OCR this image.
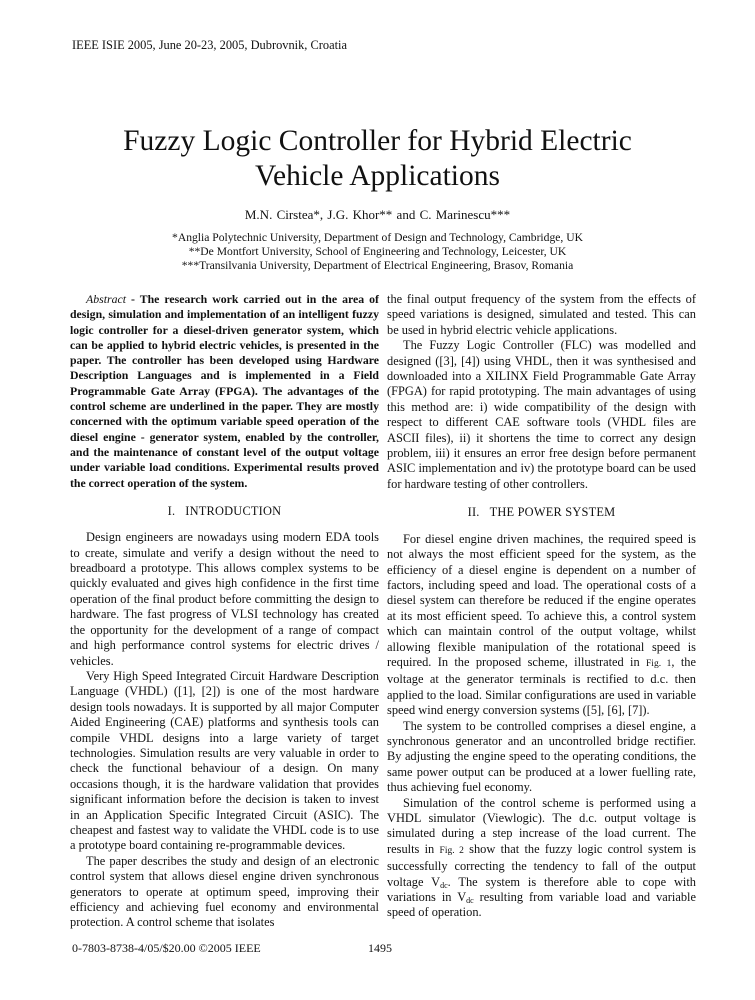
IEEE ISIE 2005, June 20-23, 2005, Dubrovnik, Croatia
Fuzzy Logic Controller for Hybrid Electric
Vehicle Applications
M.N. Cirstea*, J.G. Khor** and C. Marinescu***
*Anglia Polytechnic University, Department of Design and Technology, Cambridge, UK
**De Montfort University, School of Engineering and Technology, Leicester, UK
***Transilvania University, Department of Electrical Engineering, Brasov, Romania

Abstract - The research work carried out in the area of design, simulation and implementation of an intelligent fuzzy logic controller for a diesel-driven generator system, which can be applied to hybrid electric vehicles, is presented in the paper. The controller has been developed using Hardware Description Languages and is implemented in a Field Programmable Gate Array (FPGA). The advantages of the control scheme are underlined in the paper. They are mostly concerned with the optimum variable speed operation of the diesel engine - generator system, enabled by the controller, and the maintenance of constant level of the output voltage under variable load conditions. Experimental results proved the correct operation of the system.

I. INTRODUCTION

Design engineers are nowadays using modern EDA tools to create, simulate and verify a design without the need to breadboard a prototype. This allows complex systems to be quickly evaluated and gives high confidence in the first time operation of the final product before committing the design to hardware. The fast progress of VLSI technology has created the opportunity for the development of a range of compact and high performance control systems for electric drives / vehicles.

Very High Speed Integrated Circuit Hardware Description Language (VHDL) ([1], [2]) is one of the most hardware design tools nowadays. It is supported by all major Computer Aided Engineering (CAE) platforms and synthesis tools can compile VHDL designs into a large variety of target technologies. Simulation results are very valuable in order to check the functional behaviour of a design. On many occasions though, it is the hardware validation that provides significant information before the decision is taken to invest in an Application Specific Integrated Circuit (ASIC). The cheapest and fastest way to validate the VHDL code is to use a prototype board containing re-programmable devices.

The paper describes the study and design of an electronic control system that allows diesel engine driven synchronous generators to operate at optimum speed, improving their efficiency and achieving fuel economy and environmental protection. A control scheme that isolates

the final output frequency of the system from the effects of speed variations is designed, simulated and tested. This can be used in hybrid electric vehicle applications.

The Fuzzy Logic Controller (FLC) was modelled and designed ([3], [4]) using VHDL, then it was synthesised and downloaded into a XILINX Field Programmable Gate Array (FPGA) for rapid prototyping. The main advantages of using this method are: i) wide compatibility of the design with respect to different CAE software tools (VHDL files are ASCII files), ii) it shortens the time to correct any design problem, iii) it ensures an error free design before permanent ASIC implementation and iv) the prototype board can be used for hardware testing of other controllers.

II. THE POWER SYSTEM

For diesel engine driven machines, the required speed is not always the most efficient speed for the system, as the efficiency of a diesel engine is dependent on a number of factors, including speed and load. The operational costs of a diesel system can therefore be reduced if the engine operates at its most efficient speed. To achieve this, a control system which can maintain control of the output voltage, whilst allowing flexible manipulation of the rotational speed is required. In the proposed scheme, illustrated in Fig. 1, the voltage at the generator terminals is rectified to d.c. then applied to the load. Similar configurations are used in variable speed wind energy conversion systems ([5], [6], [7]).

The system to be controlled comprises a diesel engine, a synchronous generator and an uncontrolled bridge rectifier. By adjusting the engine speed to the operating conditions, the same power output can be produced at a lower fuelling rate, thus achieving fuel economy.

Simulation of the control scheme is performed using a VHDL simulator (Viewlogic). The d.c. output voltage is simulated during a step increase of the load current. The results in Fig. 2 show that the fuzzy logic control system is successfully correcting the tendency to fall of the output voltage $V_{dc}$. The system is therefore able to cope with variations in $V_{dc}$ resulting from variable load and variable speed of operation.

0-7803-8738-4/05/$20.00 ©2005 IEEE	1495
